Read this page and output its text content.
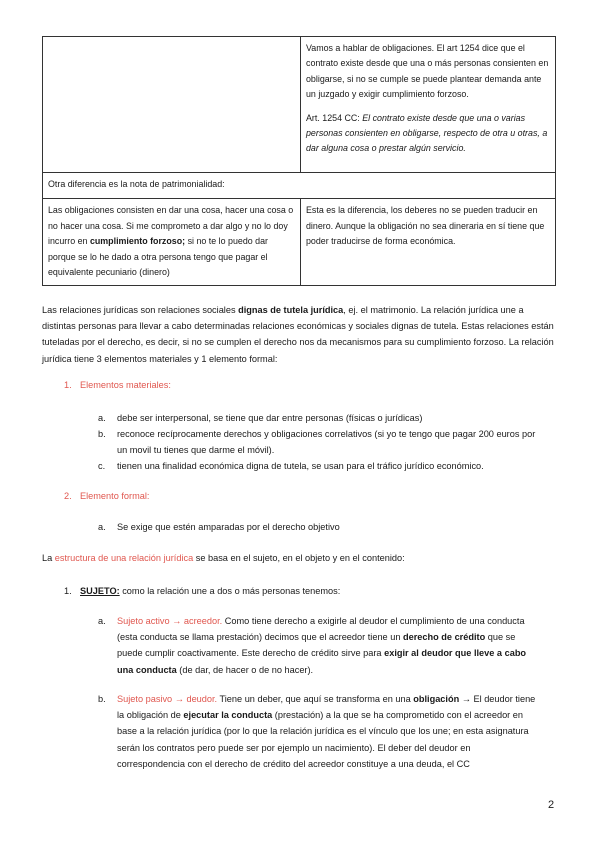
	Vamos a hablar de obligaciones. El art 1254 dice que el contrato existe desde que una o más personas consienten en obligarse, si no se cumple se puede plantear demanda ante un juzgado y exigir cumplimiento forzoso.

Art. 1254 CC: El contrato existe desde que una o varias personas consienten en obligarse, respecto de otra u otras, a dar alguna cosa o prestar algún servicio.

Otra diferencia es la nota de patrimonialidad:	
Las obligaciones consisten en dar una cosa, hacer una cosa o no hacer una cosa. Si me comprometo a dar algo y no lo doy incurro en cumplimiento forzoso; si no te lo puedo dar porque se lo he dado a otra persona tengo que pagar el equivalente pecuniario (dinero)	Esta es la diferencia, los deberes no se pueden traducir en dinero. Aunque la obligación no sea dineraria en sí tiene que poder traducirse de forma económica.

Las relaciones jurídicas son relaciones sociales dignas de tutela jurídica, ej. el matrimonio. La relación jurídica une a distintas personas para llevar a cabo determinadas relaciones económicas y sociales dignas de tutela. Estas relaciones están tuteladas por el derecho, es decir, si no se cumplen el derecho nos da mecanismos para su cumplimiento forzoso. La relación jurídica tiene 3 elementos materiales y 1 elemento formal:

1. Elementos materiales:

a. debe ser interpersonal, se tiene que dar entre personas (físicas o jurídicas)

b. reconoce recíprocamente derechos y obligaciones correlativos (si yo te tengo que pagar 200 euros por un movil tu tienes que darme el móvil).

c. tienen una finalidad económica digna de tutela, se usan para el tráfico jurídico económico.

2. Elemento formal:

a. Se exige que estén amparadas por el derecho objetivo

La estructura de una relación jurídica se basa en el sujeto, en el objeto y en el contenido:

1. SUJETO: como la relación une a dos o más personas tenemos:

a. Sujeto activo → acreedor. Como tiene derecho a exigirle al deudor el cumplimiento de una conducta (esta conducta se llama prestación) decimos que el acreedor tiene un derecho de crédito que se puede cumplir coactivamente. Este derecho de crédito sirve para exigir al deudor que lleve a cabo una conducta (de dar, de hacer o de no hacer).

b. Sujeto pasivo → deudor. Tiene un deber, que aquí se transforma en una obligación → El deudor tiene la obligación de ejecutar la conducta (prestación) a la que se ha comprometido con el acreedor en base a la relación jurídica (por lo que la relación jurídica es el vínculo que los une; en esta asignatura serán los contratos pero puede ser por ejemplo un nacimiento). El deber del deudor en correspondencia con el derecho de crédito del acreedor constituye a una deuda, el CC

2
